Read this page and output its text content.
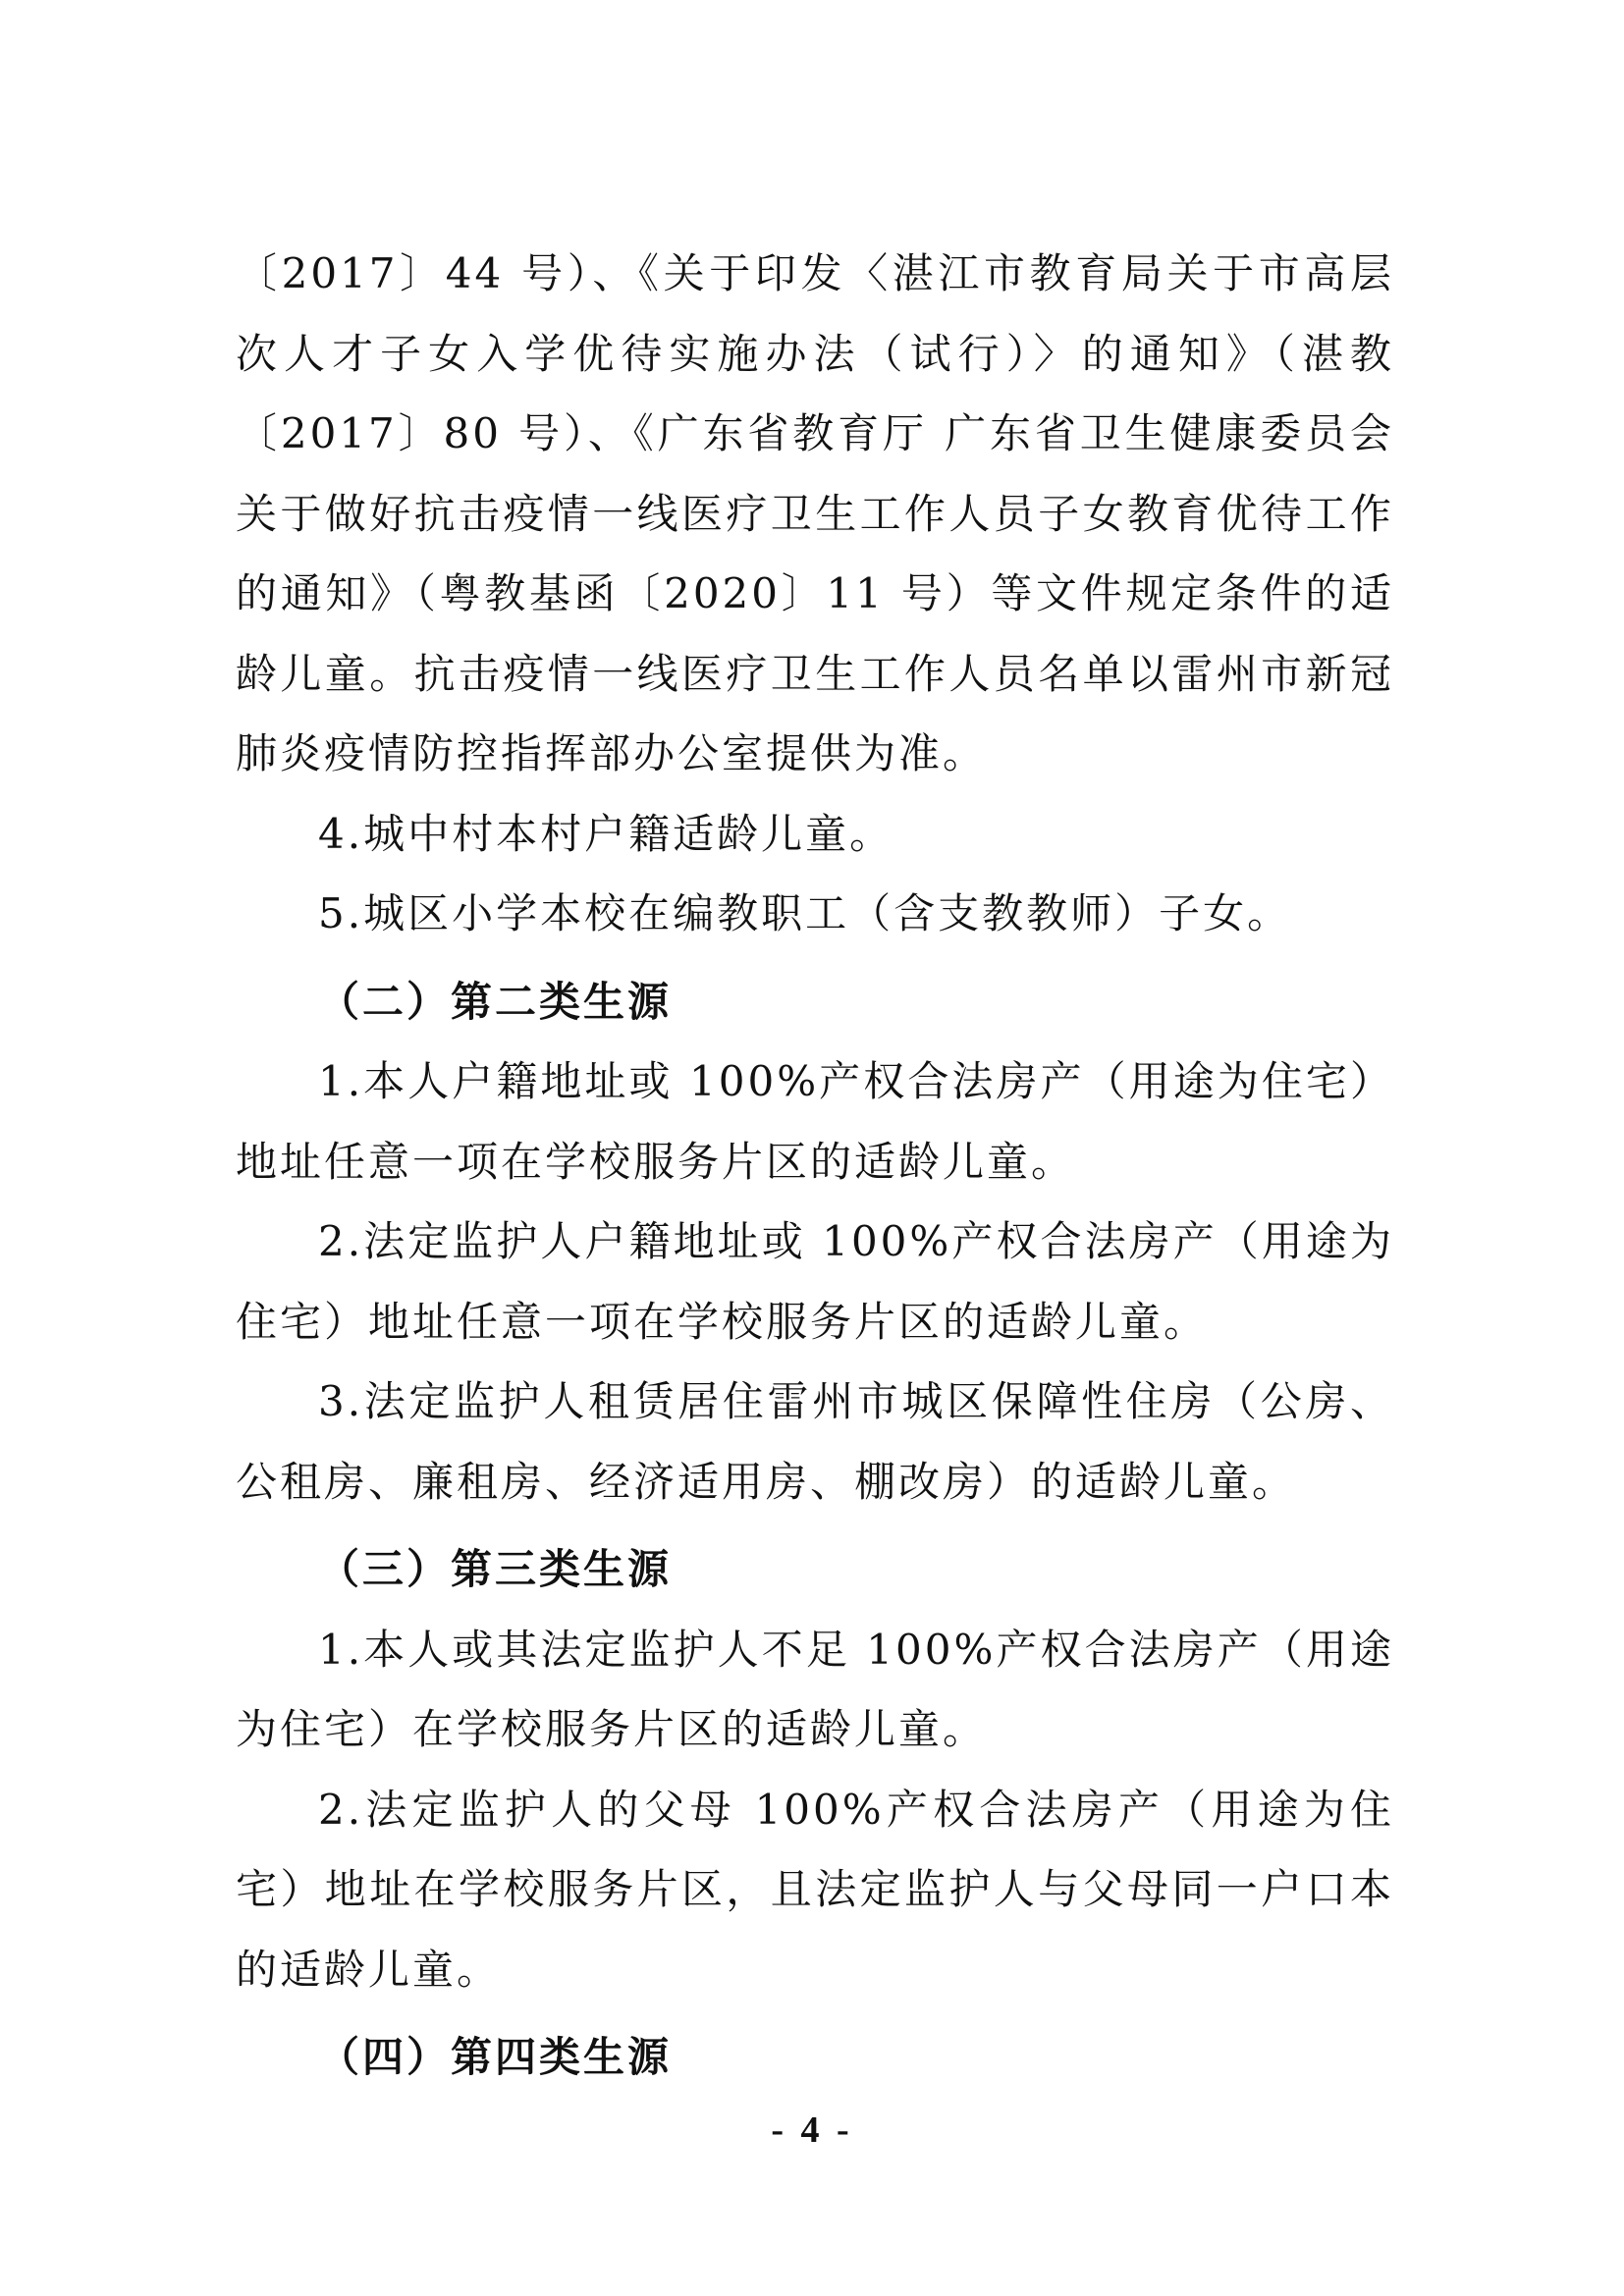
〔2017〕44 号）、《关于印发〈湛江市教育局关于市高层次人才子女入学优待实施办法（试行）〉的通知》（湛教〔2017〕80 号）、《广东省教育厅 广东省卫生健康委员会关于做好抗击疫情一线医疗卫生工作人员子女教育优待工作的通知》（粤教基函〔2020〕11 号）等文件规定条件的适龄儿童。抗击疫情一线医疗卫生工作人员名单以雷州市新冠肺炎疫情防控指挥部办公室提供为准。

4.城中村本村户籍适龄儿童。

5.城区小学本校在编教职工（含支教教师）子女。

（二）第二类生源

1.本人户籍地址或 100%产权合法房产（用途为住宅）地址任意一项在学校服务片区的适龄儿童。

2.法定监护人户籍地址或 100%产权合法房产（用途为住宅）地址任意一项在学校服务片区的适龄儿童。

3.法定监护人租赁居住雷州市城区保障性住房（公房、公租房、廉租房、经济适用房、棚改房）的适龄儿童。

（三）第三类生源

1.本人或其法定监护人不足 100%产权合法房产（用途为住宅）在学校服务片区的适龄儿童。

2.法定监护人的父母 100%产权合法房产（用途为住宅）地址在学校服务片区，且法定监护人与父母同一户口本的适龄儿童。

（四）第四类生源

- 4 -
